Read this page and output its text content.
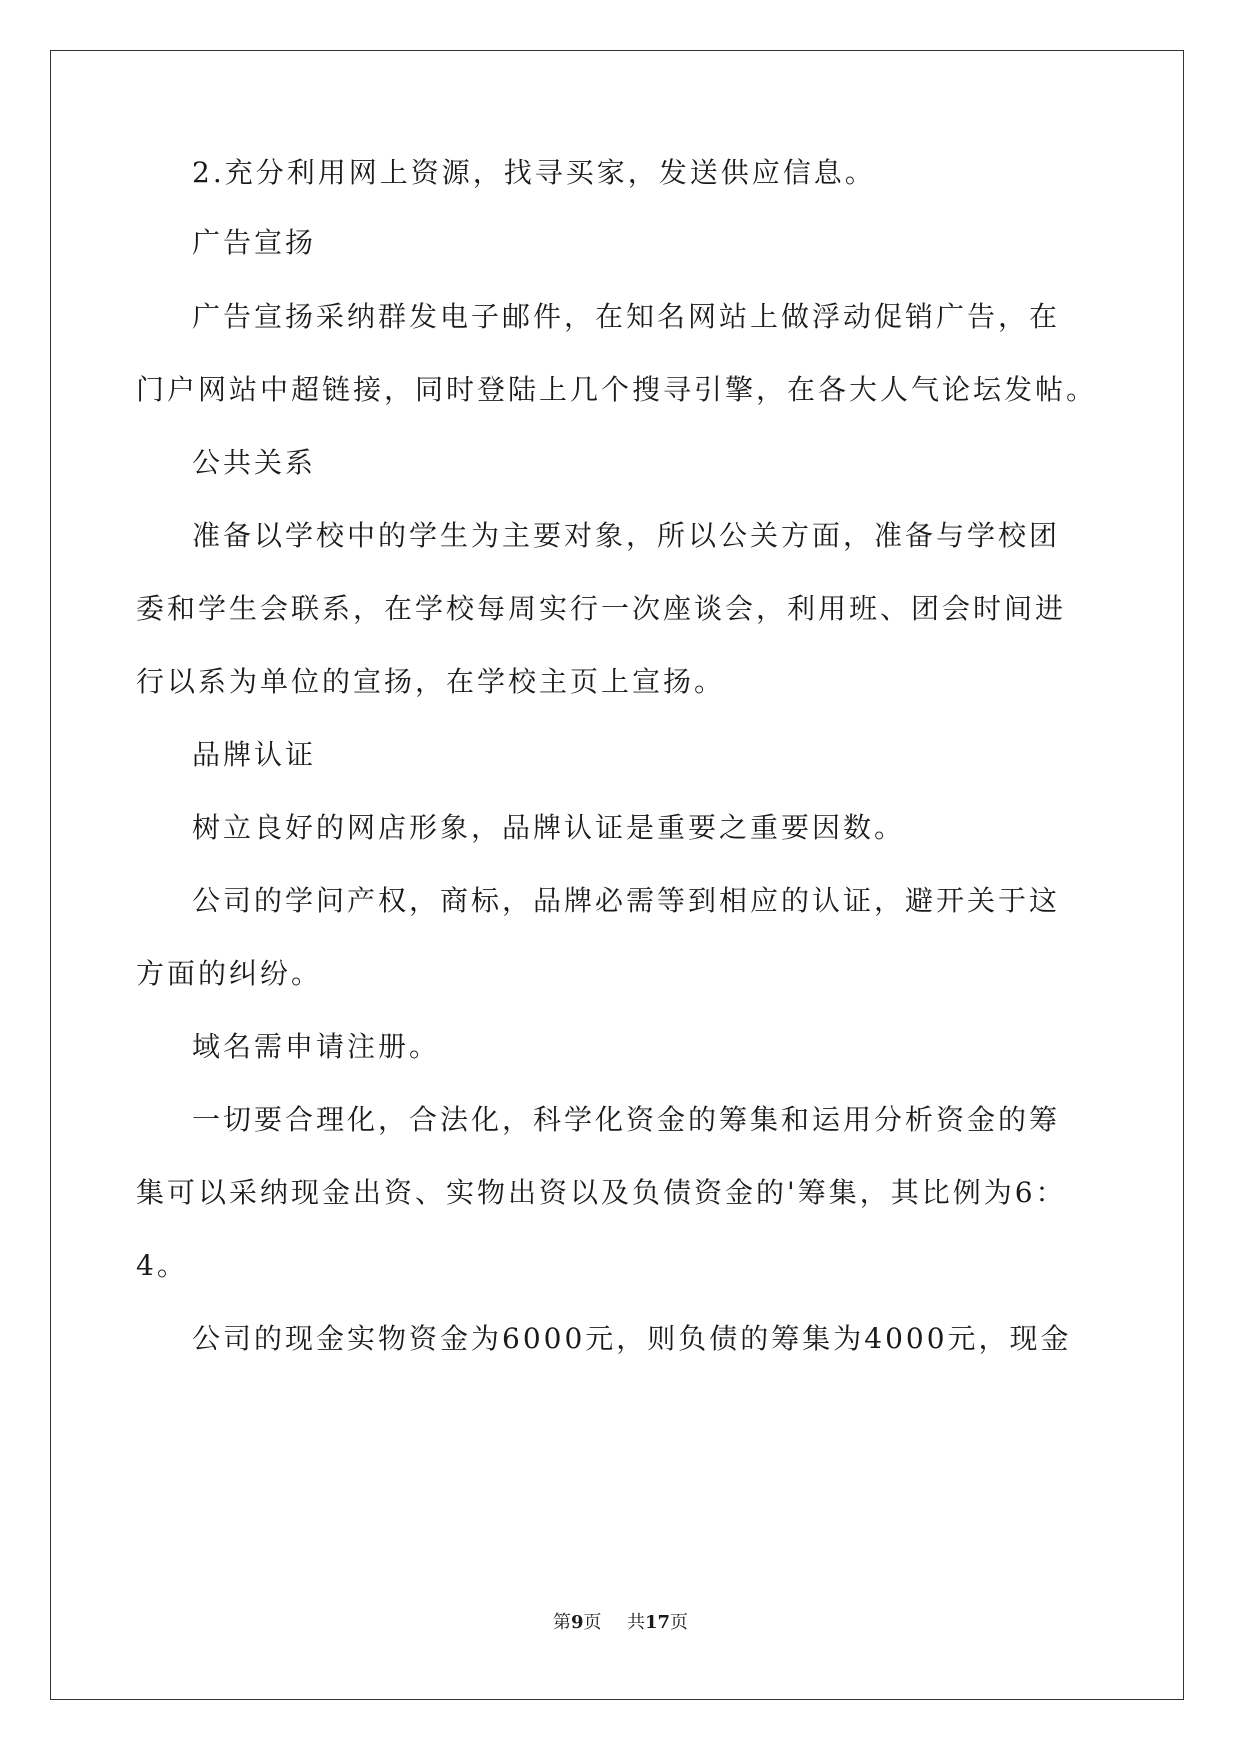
2.充分利用网上资源，找寻买家，发送供应信息。

广告宣扬

广告宣扬采纳群发电子邮件，在知名网站上做浮动促销广告，在

门户网站中超链接，同时登陆上几个搜寻引擎，在各大人气论坛发帖。

公共关系

准备以学校中的学生为主要对象，所以公关方面，准备与学校团

委和学生会联系，在学校每周实行一次座谈会，利用班、团会时间进

行以系为单位的宣扬，在学校主页上宣扬。

品牌认证

树立良好的网店形象，品牌认证是重要之重要因数。

公司的学问产权，商标，品牌必需等到相应的认证，避开关于这

方面的纠纷。

域名需申请注册。

一切要合理化，合法化，科学化资金的筹集和运用分析资金的筹

集可以采纳现金出资、实物出资以及负债资金的'筹集，其比例为6：

4。

公司的现金实物资金为6000元，则负债的筹集为4000元，现金

第9页 共17页
